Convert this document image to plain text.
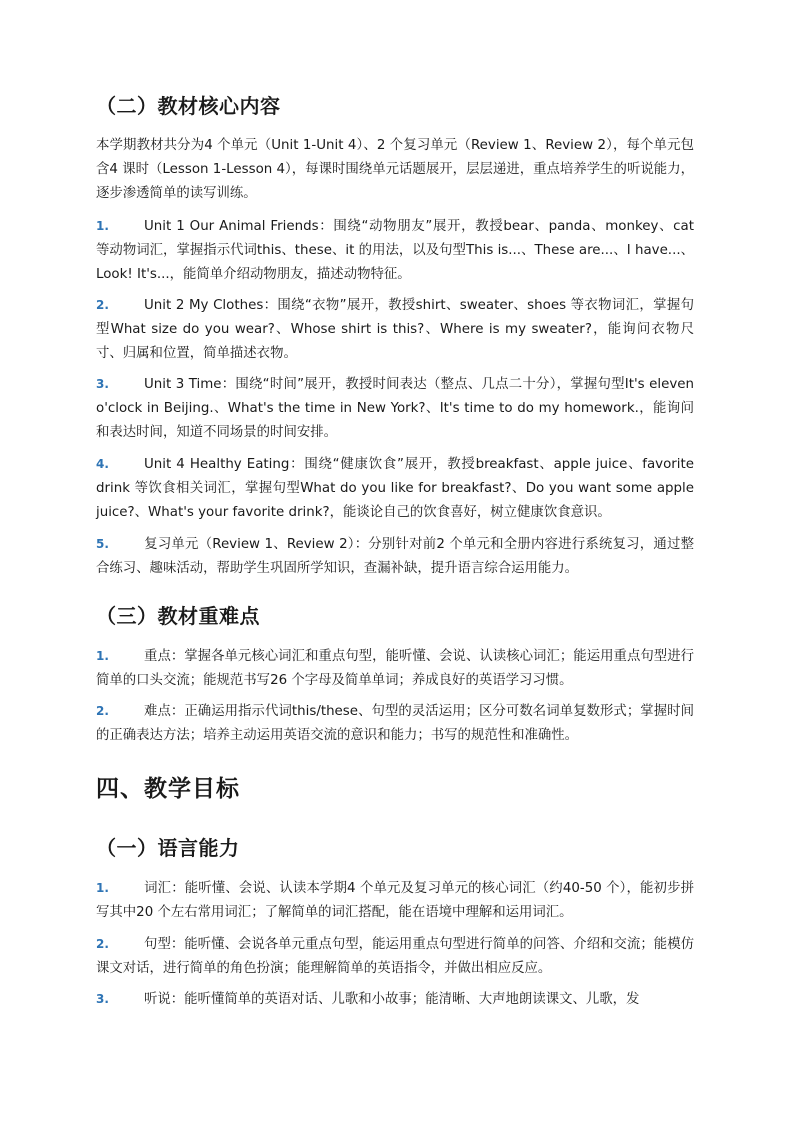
（二）教材核心内容

本学期教材共分为4 个单元（Unit 1-Unit 4）、2 个复习单元（Review 1、Review 2），每个单元包含4 课时（Lesson 1-Lesson 4），每课时围绕单元话题展开，层层递进，重点培养学生的听说能力，逐步渗透简单的读写训练。

1.	Unit 1 Our Animal Friends：围绕“动物朋友”展开，教授bear、panda、monkey、cat 等动物词汇，掌握指示代词this、these、it 的用法，以及句型This is...、These are...、I have...、Look! It's...，能简单介绍动物朋友，描述动物特征。

2.	Unit 2 My Clothes：围绕“衣物”展开，教授shirt、sweater、shoes 等衣物词汇，掌握句型What size do you wear?、Whose shirt is this?、Where is my sweater?，能询问衣物尺寸、归属和位置，简单描述衣物。

3.	Unit 3 Time：围绕“时间”展开，教授时间表达（整点、几点二十分），掌握句型It's eleven o'clock in Beijing.、What's the time in New York?、It's time to do my homework.，能询问和表达时间，知道不同场景的时间安排。

4.	Unit 4 Healthy Eating：围绕“健康饮食”展开，教授breakfast、apple juice、favorite drink 等饮食相关词汇，掌握句型What do you like for breakfast?、Do you want some apple juice?、What's your favorite drink?，能谈论自己的饮食喜好，树立健康饮食意识。

5.	复习单元（Review 1、Review 2）：分别针对前2 个单元和全册内容进行系统复习，通过整合练习、趣味活动，帮助学生巩固所学知识，查漏补缺，提升语言综合运用能力。

（三）教材重难点

1.	重点：掌握各单元核心词汇和重点句型，能听懂、会说、认读核心词汇；能运用重点句型进行简单的口头交流；能规范书写26 个字母及简单单词；养成良好的英语学习习惯。

2.	难点：正确运用指示代词this/these、句型的灵活运用；区分可数名词单复数形式；掌握时间的正确表达方法；培养主动运用英语交流的意识和能力；书写的规范性和准确性。

四、教学目标
（一）语言能力

1.	词汇：能听懂、会说、认读本学期4 个单元及复习单元的核心词汇（约40-50 个），能初步拼写其中20 个左右常用词汇；了解简单的词汇搭配，能在语境中理解和运用词汇。

2.	句型：能听懂、会说各单元重点句型，能运用重点句型进行简单的问答、介绍和交流；能模仿课文对话，进行简单的角色扮演；能理解简单的英语指令，并做出相应反应。

3.	听说：能听懂简单的英语对话、儿歌和小故事；能清晰、大声地朗读课文、儿歌，发
